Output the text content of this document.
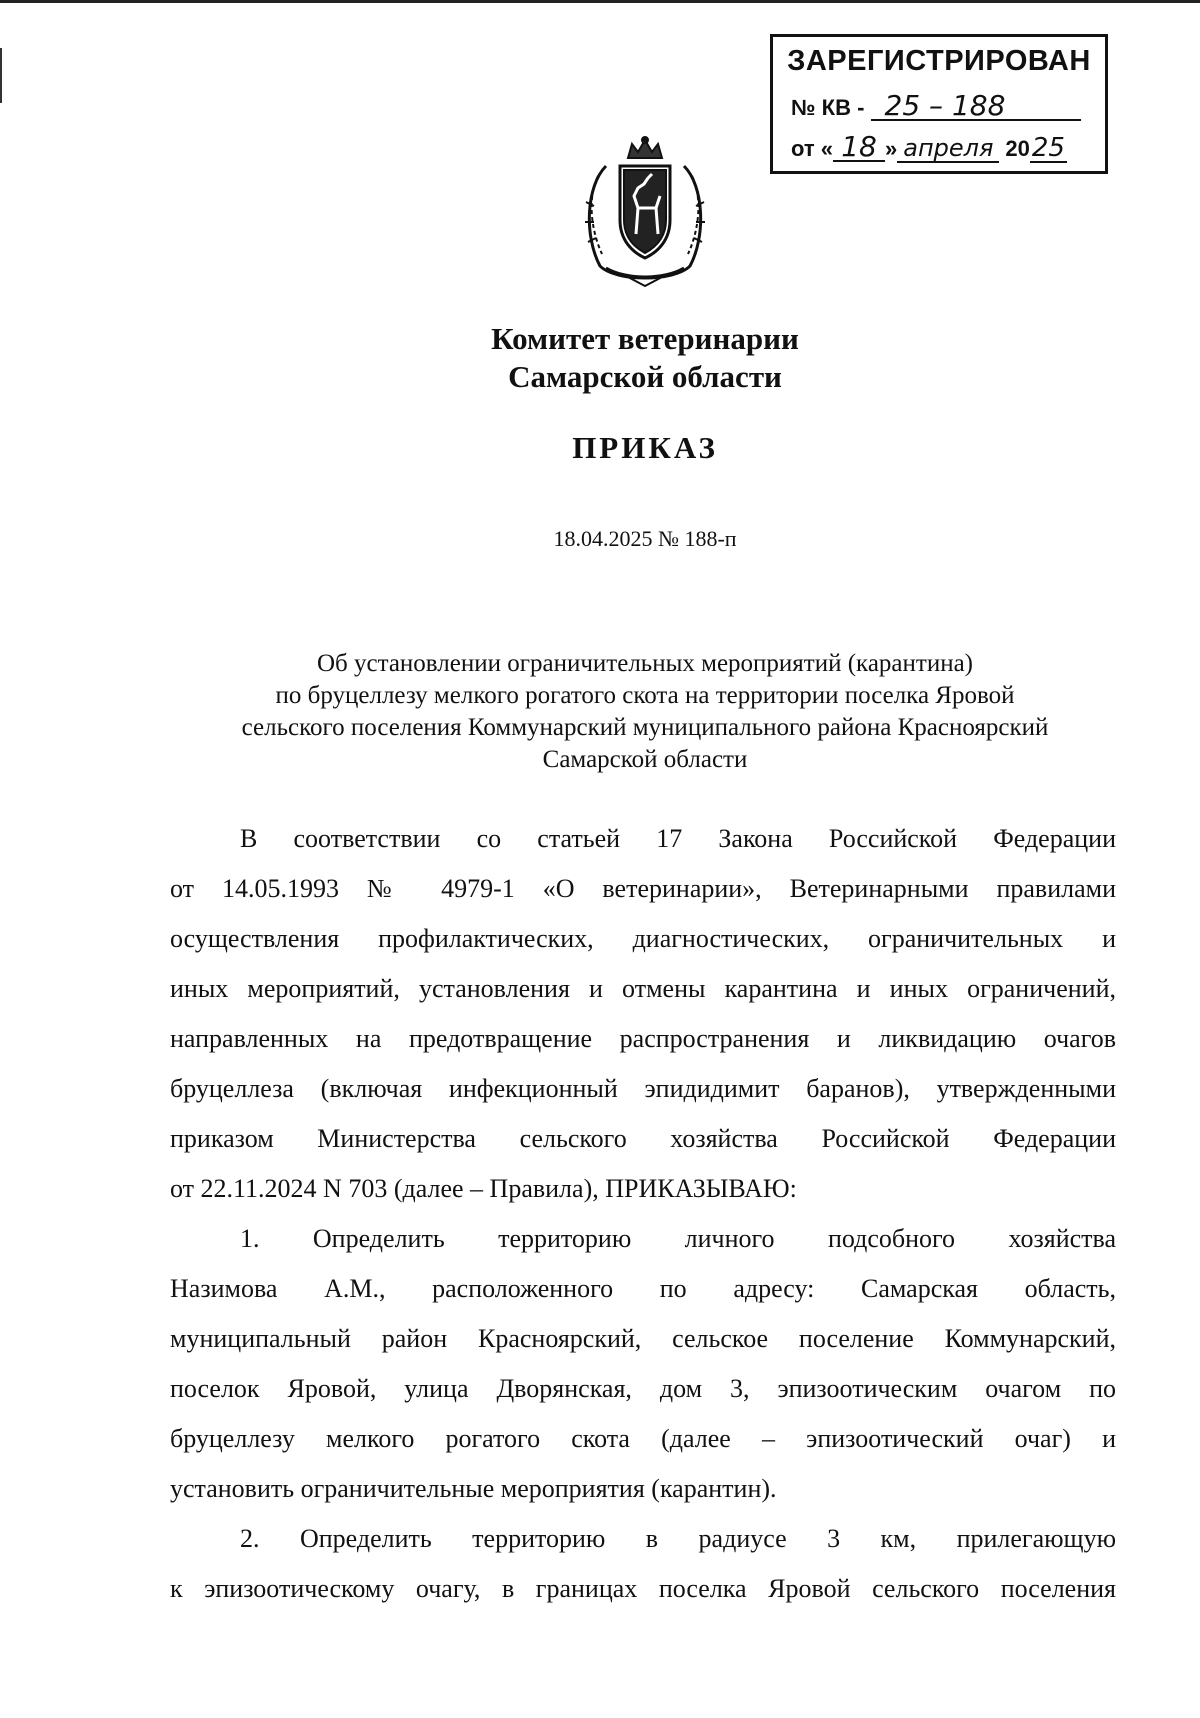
ЗАРЕГИСТРИРОВАН
№ КВ - 25 – 188
от « 18 » апреля 2025
Комитет ветеринарии
Самарской области
ПРИКАЗ
18.04.2025 № 188-п
Об установлении ограничительных мероприятий (карантина)
по бруцеллезу мелкого рогатого скота на территории поселка Яровой
сельского поселения Коммунарский муниципального района Красноярский
Самарской области
В соответствии со статьей 17 Закона Российской Федерации
от 14.05.1993 № 4979-1 «О ветеринарии», Ветеринарными правилами
осуществления профилактических, диагностических, ограничительных и
иных мероприятий, установления и отмены карантина и иных ограничений,
направленных на предотвращение распространения и ликвидацию очагов
бруцеллеза (включая инфекционный эпидидимит баранов), утвержденными
приказом Министерства сельского хозяйства Российской Федерации
от 22.11.2024 N 703 (далее – Правила), ПРИКАЗЫВАЮ:
1. Определить территорию личного подсобного хозяйства
Назимова А.М., расположенного по адресу: Самарская область,
муниципальный район Красноярский, сельское поселение Коммунарский,
поселок Яровой, улица Дворянская, дом 3, эпизоотическим очагом по
бруцеллезу мелкого рогатого скота (далее – эпизоотический очаг) и
установить ограничительные мероприятия (карантин).
2. Определить территорию в радиусе 3 км, прилегающую
к эпизоотическому очагу, в границах поселка Яровой сельского поселения
